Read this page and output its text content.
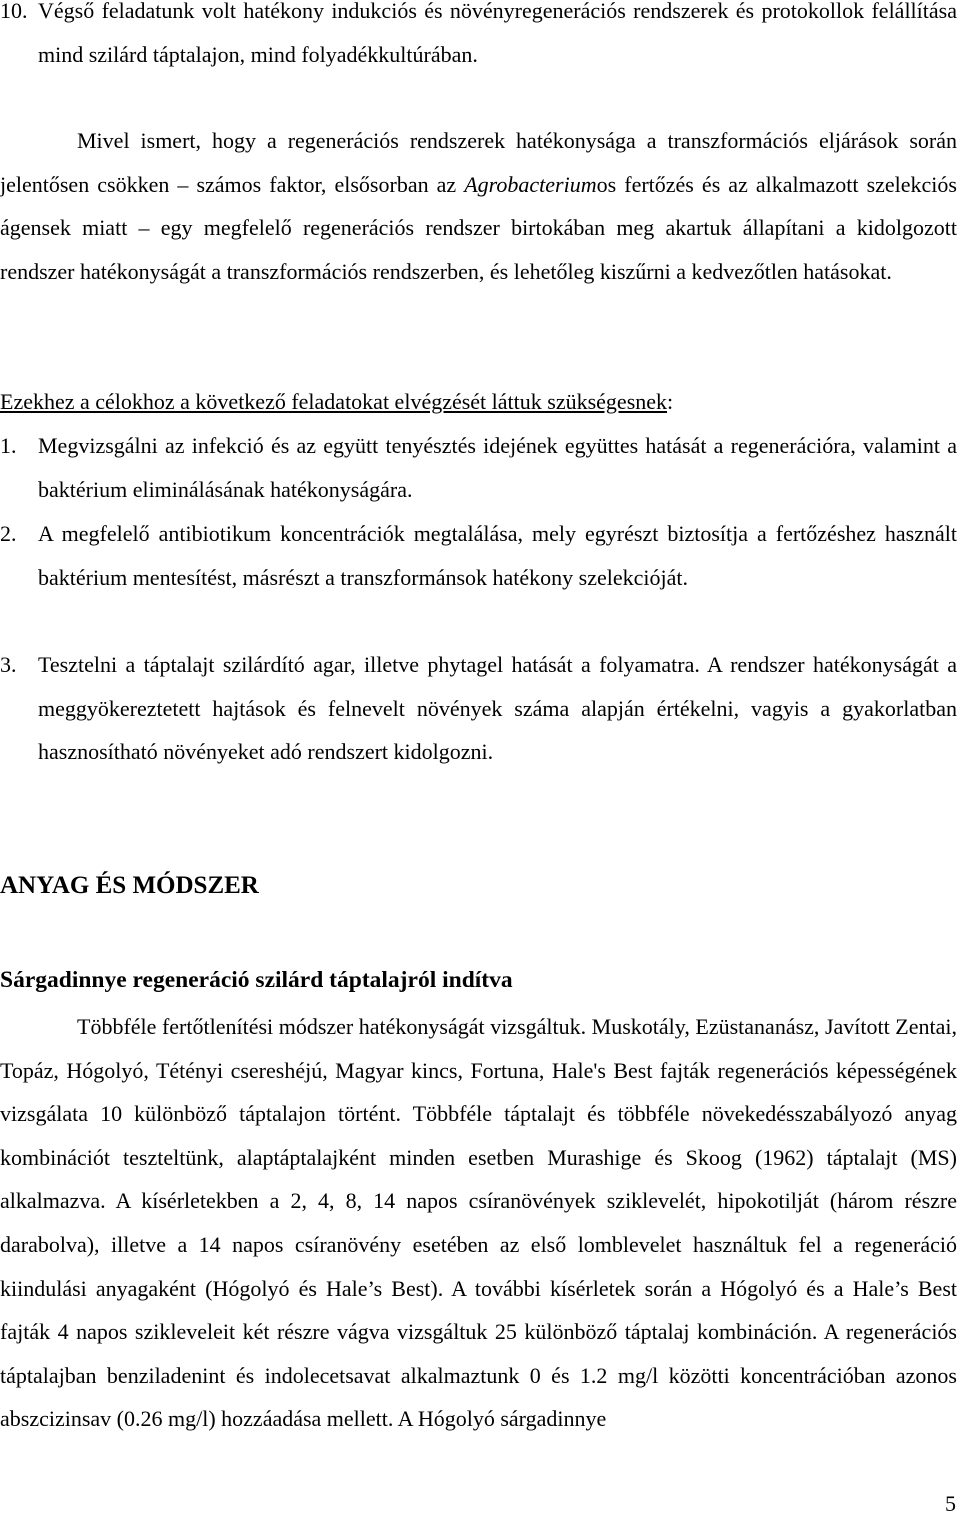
10. Végső feladatunk volt hatékony indukciós és növényregenerációs rendszerek és protokollok felállítása mind szilárd táptalajon, mind folyadékkultúrában.
Mivel ismert, hogy a regenerációs rendszerek hatékonysága a transzformációs eljárások során jelentősen csökken – számos faktor, elsősorban az Agrobacteriumos fertőzés és az alkalmazott szelekciós ágensek miatt – egy megfelelő regenerációs rendszer birtokában meg akartuk állapítani a kidolgozott rendszer hatékonyságát a transzformációs rendszerben, és lehetőleg kiszűrni a kedvezőtlen hatásokat.
Ezekhez a célokhoz a következő feladatokat elvégzését láttuk szükségesnek:
1. Megvizsgálni az infekció és az együtt tenyésztés idejének együttes hatását a regenerációra, valamint a baktérium eliminálásának hatékonyságára.
2. A megfelelő antibiotikum koncentrációk megtalálása, mely egyrészt biztosítja a fertőzéshez használt baktérium mentesítést, másrészt a transzformánsok hatékony szelekcióját.
3. Tesztelni a táptalajt szilárdító agar, illetve phytagel hatását a folyamatra. A rendszer hatékonyságát a meggyökereztetett hajtások és felnevelt növények száma alapján értékelni, vagyis a gyakorlatban hasznosítható növényeket adó rendszert kidolgozni.
ANYAG ÉS MÓDSZER
Sárgadinnye regeneráció szilárd táptalajról indítva
Többféle fertőtlenítési módszer hatékonyságát vizsgáltuk. Muskotály, Ezüstananász, Javított Zentai, Topáz, Hógolyó, Tétényi csereshéjú, Magyar kincs, Fortuna, Hale's Best fajták regenerációs képességének vizsgálata 10 különböző táptalajon történt. Többféle táptalajt és többféle növekedésszabályozó anyag kombinációt teszteltünk, alaptáptalajként minden esetben Murashige és Skoog (1962) táptalajt (MS) alkalmazva. A kísérletekben a 2, 4, 8, 14 napos csíranövények sziklevelét, hipokotilját (három részre darabolva), illetve a 14 napos csíranövény esetében az első lomblevelet használtuk fel a regeneráció kiindulási anyagaként (Hógolyó és Hale’s Best). A további kísérletek során a Hógolyó és a Hale’s Best fajták 4 napos szikleveleit két részre vágva vizsgáltuk 25 különböző táptalaj kombináción. A regenerációs táptalajban benziladenint és indolecetsavat alkalmaztunk 0 és 1.2 mg/l közötti koncentrációban azonos abszcizinsav (0.26 mg/l) hozzáadása mellett. A Hógolyó sárgadinnye
5
